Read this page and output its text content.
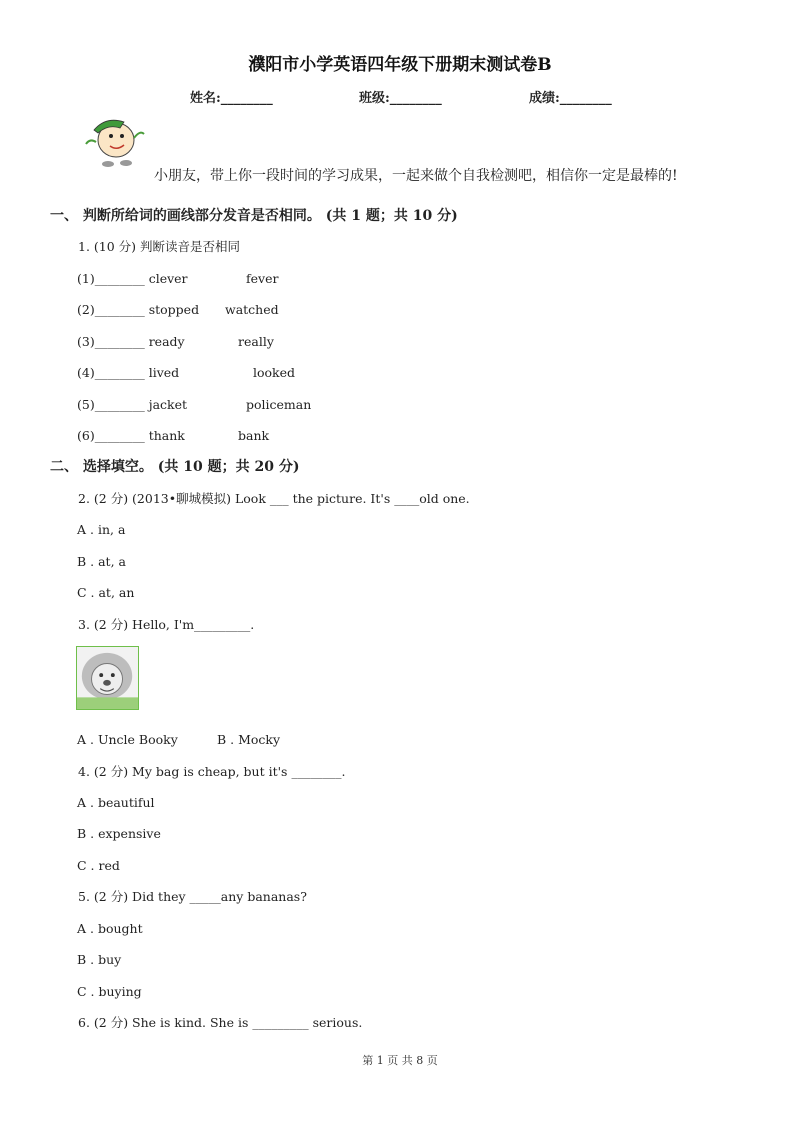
濮阳市小学英语四年级下册期末测试卷B
姓名:________	班级:________	成绩:________
小朋友，带上你一段时间的学习成果，一起来做个自我检测吧，相信你一定是最棒的!
一、 判断所给词的画线部分发音是否相同。 (共 1 题；共 10 分)
1. (10 分) 判断读音是否相同
(1)________ clever	fever
(2)________ stopped watched
(3)________ ready	really
(4)________ lived	looked
(5)________ jacket	policeman
(6)________ thank	bank
二、 选择填空。 (共 10 题；共 20 分)
2. (2 分) (2013•聊城模拟) Look ___ the picture. It's ____old one.
A . in, a
B . at, a
C . at, an
3. (2 分) Hello, I'm_________.
A . Uncle Booky	B . Mocky
4. (2 分) My bag is cheap, but it's ________.
A . beautiful
B . expensive
C . red
5. (2 分) Did they _____any bananas?
A . bought
B . buy
C . buying
6. (2 分) She is kind. She is _________ serious.
第 1 页 共 8 页
